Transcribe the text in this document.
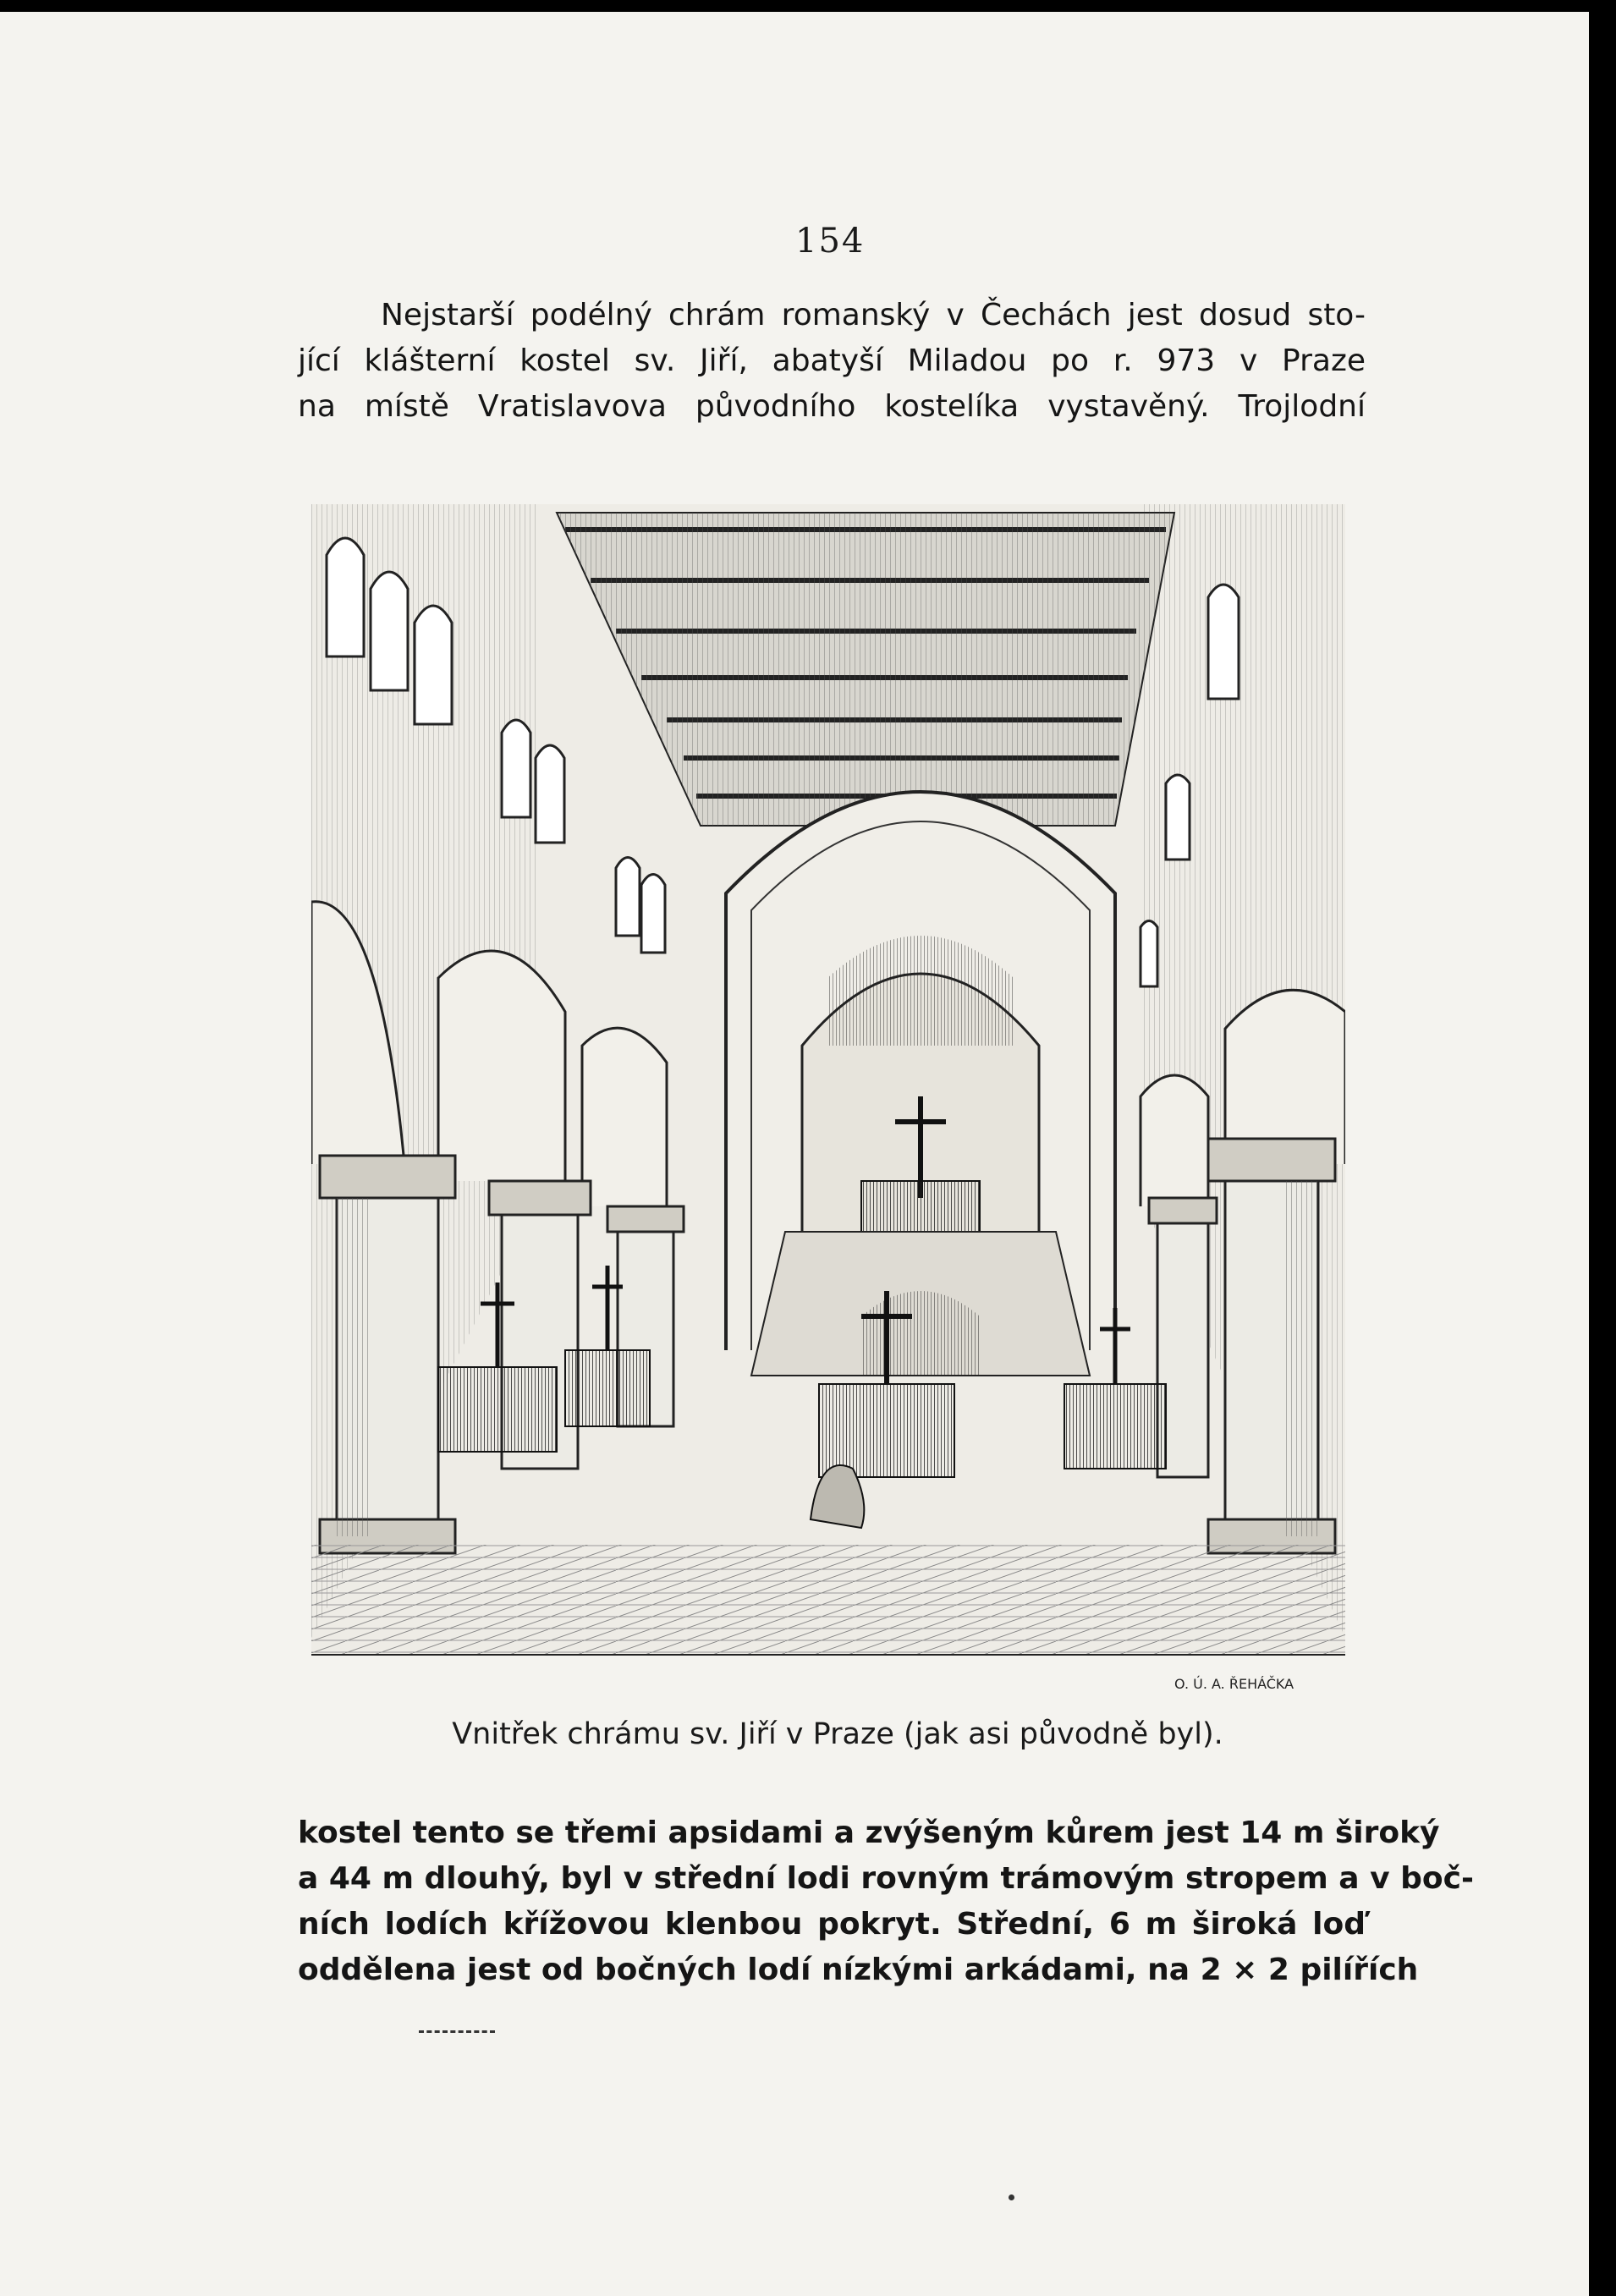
154
Nejstarší podélný chrám romanský v Čechách jest dosud sto-
jící klášterní kostel sv. Jiří, abatyší Miladou po r. 973 v Praze
na místě Vratislavova původního kostelíka vystavěný. Trojlodní
O. Ú. A. ŘEHÁČKA
Vnitřek chrámu sv. Jiří v Praze (jak asi původně byl).
kostel tento se třemi apsidami a zvýšeným kůrem jest 14 m široký
a 44 m dlouhý, byl v střední lodi rovným trámovým stropem a v boč-
ních lodích křížovou klenbou pokryt. Střední, 6 m široká loď
oddělena jest od bočných lodí nízkými arkádami, na 2 × 2 pilířích
